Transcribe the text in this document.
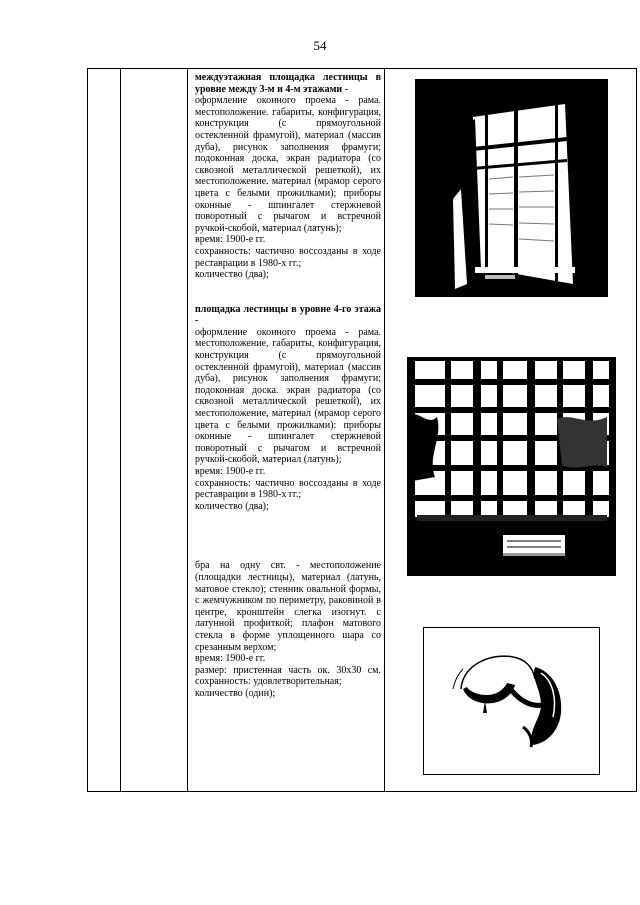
54

междуэтажная площадка лестницы в уровне между 3-м и 4-м этажами -

оформление оконного проема - рама. местоположение. габариты, конфигурация, конструкция (с прямоугольной остекленной фрамугой), материал (массив дуба), рисунок заполнения фрамуги; подоконная доска, экран радиатора (со сквозной металлической решеткой), их местоположение. материал (мрамор серого цвета с белыми прожилками); приборы оконные - шпингалет стержневой поворотный с рычагом и встречной ручкой-скобой, материал (латунь);

время: 1900-е гг.

сохранность: частично воссозданы в ходе реставрации в 1980-х гг.;

количество (два);

площадка лестницы в уровне 4-го этажа -

оформление оконного проема - рама. местоположение, габариты, конфигурация, конструкция (с прямоугольной остекленной фрамугой), материал (массив дуба), рисунок заполнения фрамуги; подоконная доска. экран радиатора (со сквозной металлической решеткой), их местоположение, материал (мрамор серого цвета с белыми прожилками): приборы оконные - шпингалет стержневой поворотный с рычагом и встречной ручкой-скобой, материал (латунь);

время: 1900-е гг.

сохранность: частично воссозданы в ходе реставрации в 1980-х гг.;

количество (два);

бра на одну свт. - местоположение (площадки лестницы), материал (латунь, матовое стекло); стенник овальной формы, с жемчужником по периметру, раковиной в центре, кронштейн слегка изогнут. с латунной профиткой; плафон матового стекла в форме уплощенного шара со срезанным верхом;

время: 1900-е гг.

размер: пристенная часть ок. 30х30 см. сохранность: удовлетворительная;

количество (один);
